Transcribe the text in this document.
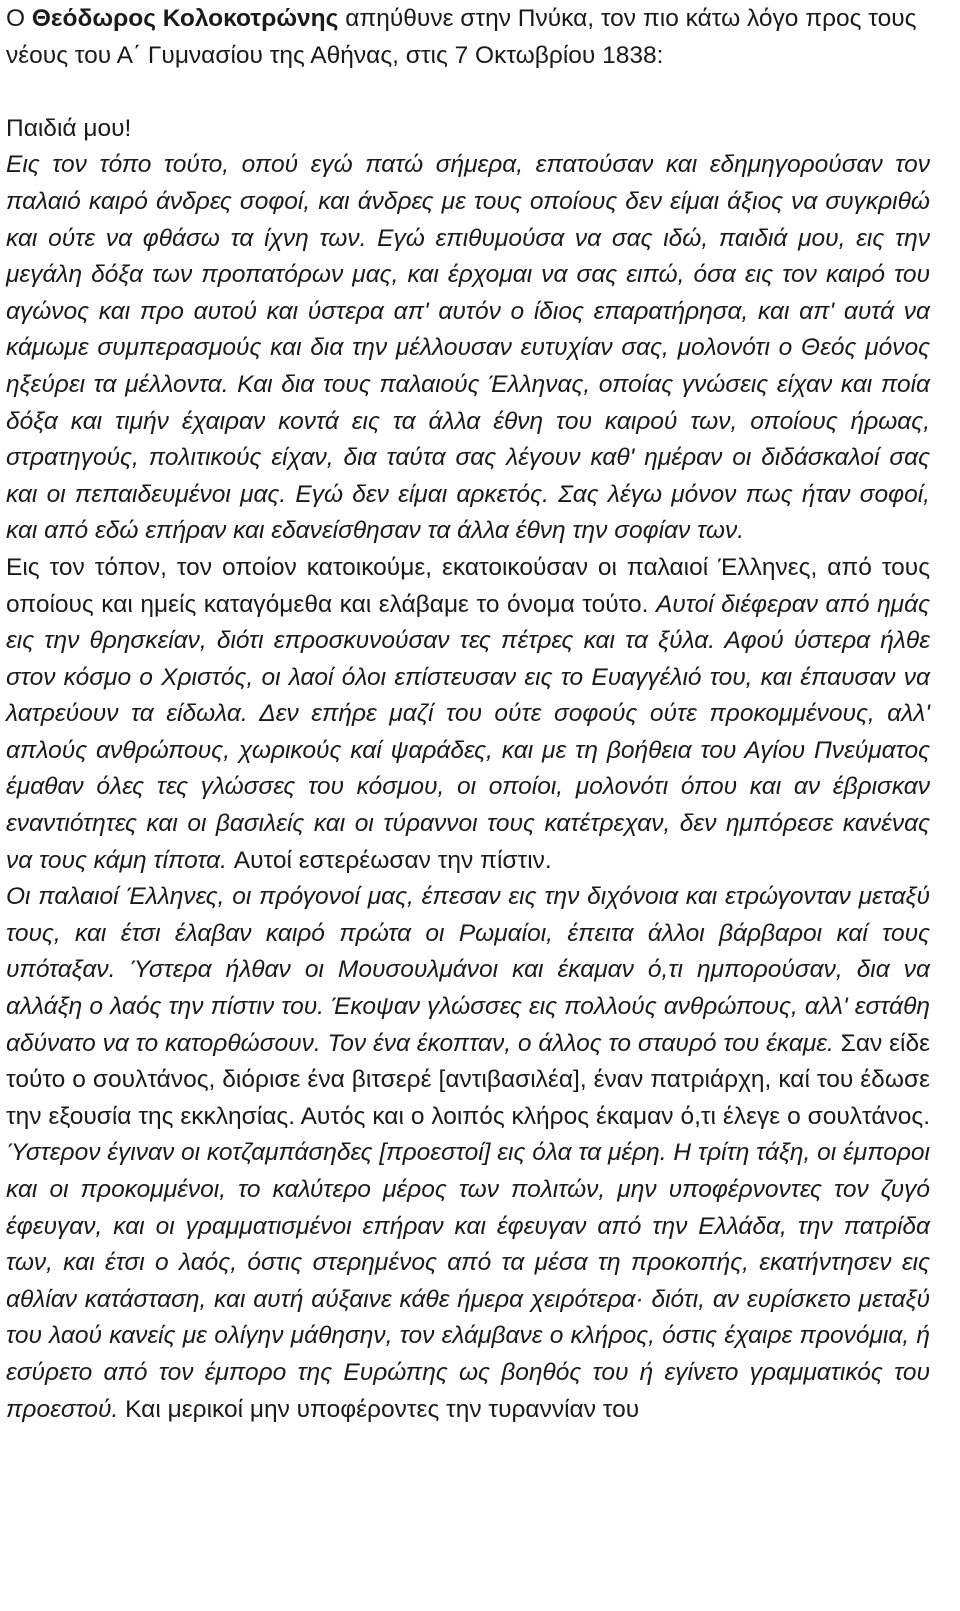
Ο Θεόδωρος Κολοκοτρώνης απηύθυνε στην Πνύκα, τον πιο κάτω λόγο προς τους νέους του Α΄ Γυμνασίου της Αθήνας, στις 7 Οκτωβρίου 1838:

Παιδιά μου!

Εις τον τόπο τούτο, οπού εγώ πατώ σήμερα, επατούσαν και εδημηγορούσαν τον παλαιό καιρό άνδρες σοφοί, και άνδρες με τους οποίους δεν είμαι άξιος να συγκριθώ και ούτε να φθάσω τα ίχνη των. Εγώ επιθυμούσα να σας ιδώ, παιδιά μου, εις την μεγάλη δόξα των προπατόρων μας, και έρχομαι να σας ειπώ, όσα εις τον καιρό του αγώνος και προ αυτού και ύστερα απ' αυτόν ο ίδιος επαρατήρησα, και απ' αυτά να κάμωμε συμπερασμούς και δια την μέλλουσαν ευτυχίαν σας, μολονότι ο Θεός μόνος ηξεύρει τα μέλλοντα. Και δια τους παλαιούς Έλληνας, οποίας γνώσεις είχαν και ποία δόξα και τιμήν έχαιραν κοντά εις τα άλλα έθνη του καιρού των, οποίους ήρωας, στρατηγούς, πολιτικούς είχαν, δια ταύτα σας λέγουν καθ' ημέραν οι διδάσκαλοί σας και οι πεπαιδευμένοι μας. Εγώ δεν είμαι αρκετός. Σας λέγω μόνον πως ήταν σοφοί, και από εδώ επήραν και εδανείσθησαν τα άλλα έθνη την σοφίαν των.

Εις τον τόπον, τον οποίον κατοικούμε, εκατοικούσαν οι παλαιοί Έλληνες, από τους οποίους και ημείς καταγόμεθα και ελάβαμε το όνομα τούτο. Αυτοί διέφεραν από ημάς εις την θρησκείαν, διότι επροσκυνούσαν τες πέτρες και τα ξύλα. Αφού ύστερα ήλθε στον κόσμο ο Χριστός, οι λαοί όλοι επίστευσαν εις το Ευαγγέλιό του, και έπαυσαν να λατρεύουν τα είδωλα. Δεν επήρε μαζί του ούτε σοφούς ούτε προκομμένους, αλλ' απλούς ανθρώπους, χωρικούς καί ψαράδες, και με τη βοήθεια του Αγίου Πνεύματος έμαθαν όλες τες γλώσσες του κόσμου, οι οποίοι, μολονότι όπου και αν έβρισκαν εναντιότητες και οι βασιλείς και οι τύραννοι τους κατέτρεχαν, δεν ημπόρεσε κανένας να τους κάμη τίποτα. Αυτοί εστερέωσαν την πίστιν.

Οι παλαιοί Έλληνες, οι πρόγονοί μας, έπεσαν εις την διχόνοια και ετρώγονταν μεταξύ τους, και έτσι έλαβαν καιρό πρώτα οι Ρωμαίοι, έπειτα άλλοι βάρβαροι καί τους υπόταξαν. Ύστερα ήλθαν οι Μουσουλμάνοι και έκαμαν ό,τι ημπορούσαν, δια να αλλάξη ο λαός την πίστιν του. Έκοψαν γλώσσες εις πολλούς ανθρώπους, αλλ' εστάθη αδύνατο να το κατορθώσουν. Τον ένα έκοπταν, ο άλλος το σταυρό του έκαμε. Σαν είδε τούτο ο σουλτάνος, διόρισε ένα βιτσερέ [αντιβασιλέα], έναν πατριάρχη, καί του έδωσε την εξουσία της εκκλησίας. Αυτός και ο λοιπός κλήρος έκαμαν ό,τι έλεγε ο σουλτάνος. Ύστερον έγιναν οι κοτζαμπάσηδες [προεστοί] εις όλα τα μέρη. Η τρίτη τάξη, οι έμποροι και οι προκομμένοι, το καλύτερο μέρος των πολιτών, μην υποφέρνοντες τον ζυγό έφευγαν, και οι γραμματισμένοι επήραν και έφευγαν από την Ελλάδα, την πατρίδα των, και έτσι ο λαός, όστις στερημένος από τα μέσα τη προκοπής, εκατήντησεν εις αθλίαν κατάσταση, και αυτή αύξαινε κάθε ήμερα χειρότερα· διότι, αν ευρίσκετο μεταξύ του λαού κανείς με ολίγην μάθησην, τον ελάμβανε ο κλήρος, όστις έχαιρε προνόμια, ή εσύρετο από τον έμπορο της Ευρώπης ως βοηθός του ή εγίνετο γραμματικός του προεστού. Και μερικοί μην υποφέροντες την τυραννίαν του
